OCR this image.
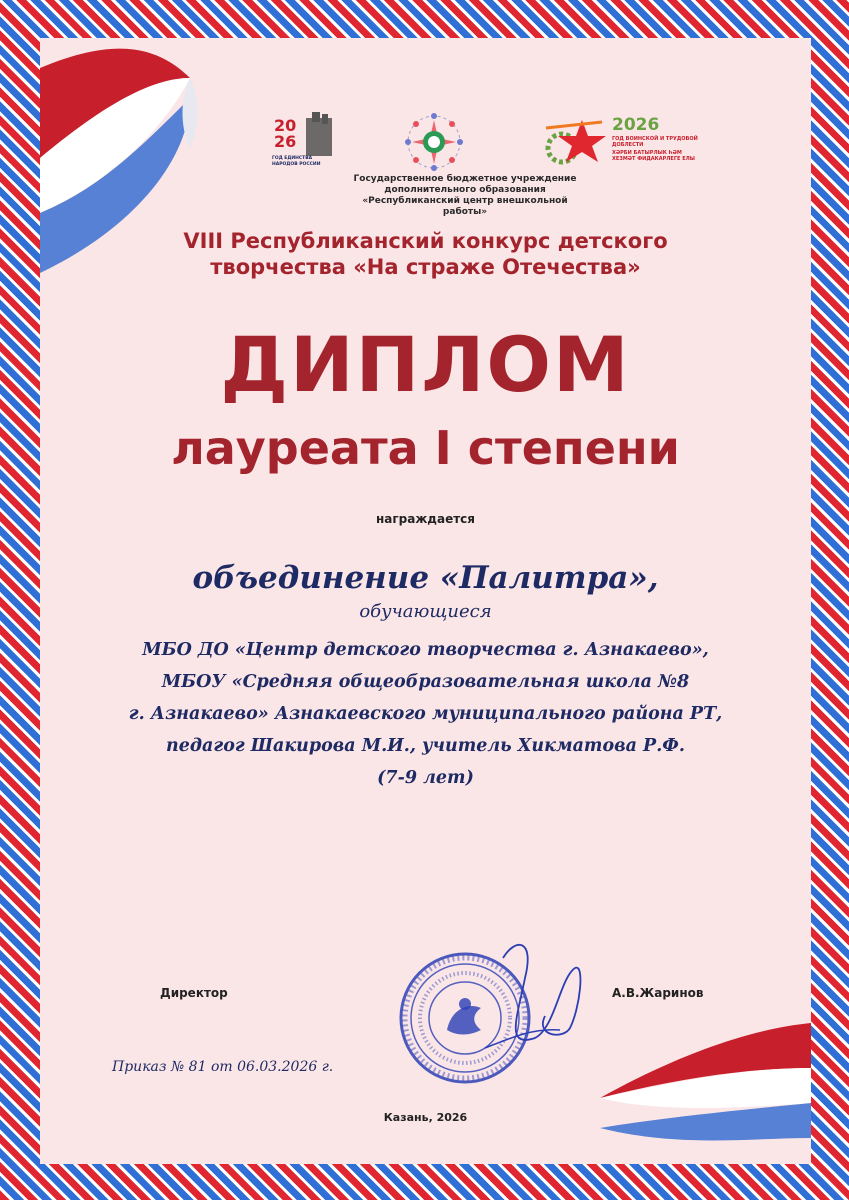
20
26
ГОД ЕДИНСТВА НАРОДОВ РОССИИ
2026
ГОД ВОИНСКОЙ И ТРУДОВОЙ ДОБЛЕСТИ
ХӘРБИ БАТЫРЛЫК ҺӘМ ХЕЗМӘТ ФИДАКАРЛЕГЕ ЕЛЫ
Государственное бюджетное учреждение
дополнительного образования
«Республиканский центр внешкольной работы»
VIII Республиканский конкурс детского
творчества «На страже Отечества»
ДИПЛОМ
лауреата I степени
награждается
объединение «Палитра»,
обучающиеся
МБО ДО «Центр детского творчества г. Азнакаево»,
МБОУ «Средняя общеобразовательная школа №8
г. Азнакаево» Азнакаевского муниципального района РТ,
педагог Шакирова М.И., учитель Хикматова Р.Ф.
(7-9 лет)
Директор	А.В.Жаринов
Приказ № 81 от 06.03.2026 г.
Казань, 2026
